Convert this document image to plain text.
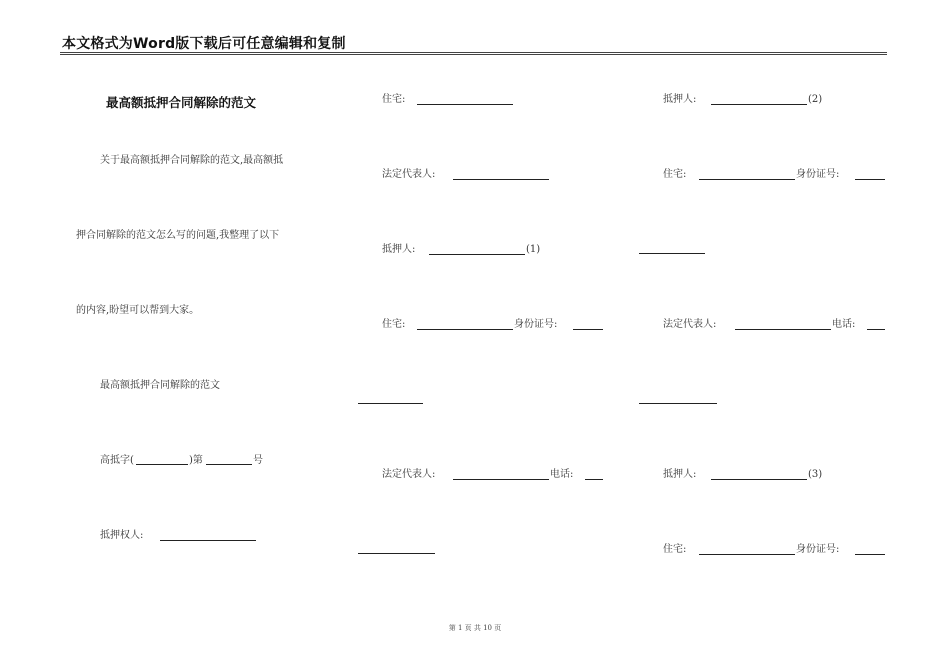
本文格式为Word版下载后可任意编辑和复制
最高额抵押合同解除的范文
关于最高额抵押合同解除的范文,最高额抵
押合同解除的范文怎么写的问题,我整理了以下
的内容,盼望可以帮到大家。
最高额抵押合同解除的范文
高抵字(	)第	号
抵押权人:
住宅:
法定代表人:
抵押人:	(1)
住宅:	身份证号:
法定代表人:	电话:
抵押人:	(2)
住宅:	身份证号:
法定代表人:	电话:
抵押人:	(3)
住宅:	身份证号:
第 1 页 共 10 页
